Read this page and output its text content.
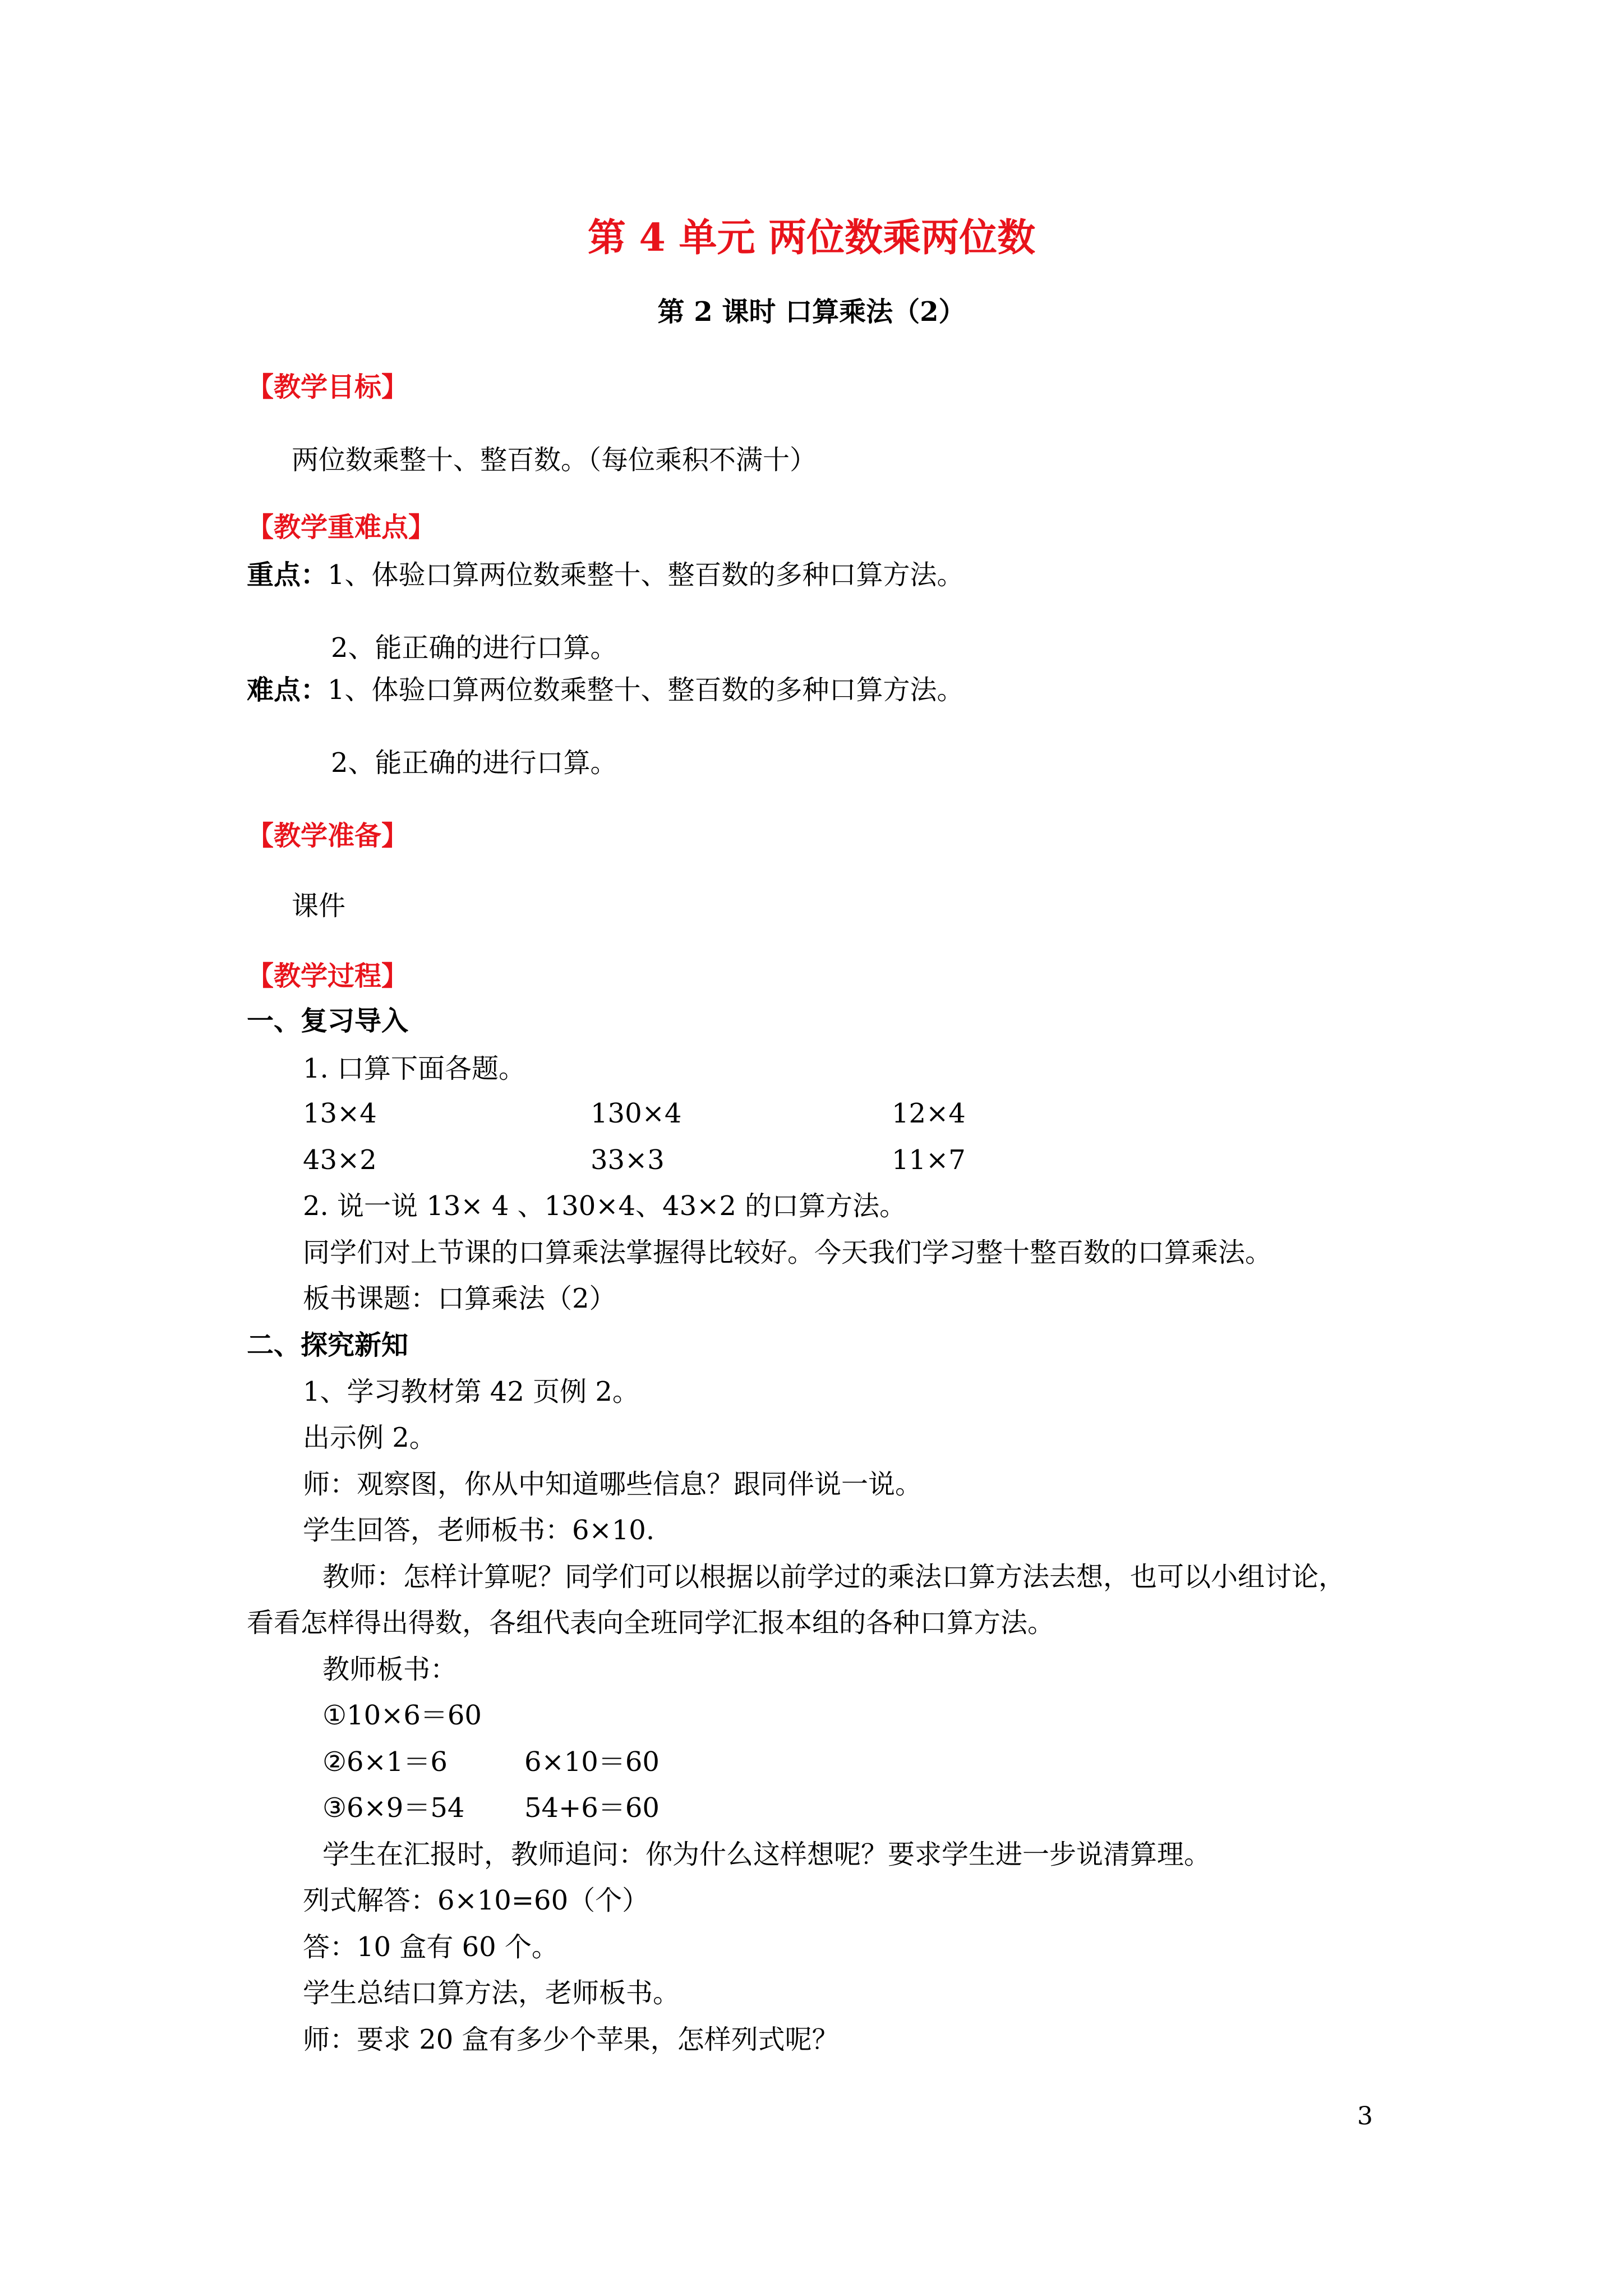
第 4 单元 两位数乘两位数
第 2 课时 口算乘法（2）
【教学目标】
两位数乘整十、整百数。（每位乘积不满十）
【教学重难点】
重点：1、体验口算两位数乘整十、整百数的多种口算方法。
2、能正确的进行口算。
难点：1、体验口算两位数乘整十、整百数的多种口算方法。
2、能正确的进行口算。
【教学准备】
课件
【教学过程】
一、复习导入
1. 口算下面各题。
13×4	130×4	12×4
43×2	33×3	11×7
2. 说一说 13× 4 、130×4、43×2 的口算方法。
同学们对上节课的口算乘法掌握得比较好。今天我们学习整十整百数的口算乘法。
板书课题：口算乘法（2）
二、探究新知
1、学习教材第 42 页例 2。
出示例 2。
师：观察图，你从中知道哪些信息？跟同伴说一说。
学生回答，老师板书：6×10.
教师：怎样计算呢？同学们可以根据以前学过的乘法口算方法去想，也可以小组讨论，
看看怎样得出得数，各组代表向全班同学汇报本组的各种口算方法。
教师板书：
①10×6＝60
②6×1＝6	6×10＝60
③6×9＝54 54+6＝60
学生在汇报时，教师追问：你为什么这样想呢？要求学生进一步说清算理。
列式解答：6×10=60（个）
答：10 盒有 60 个。
学生总结口算方法，老师板书。
师：要求 20 盒有多少个苹果，怎样列式呢？
3
